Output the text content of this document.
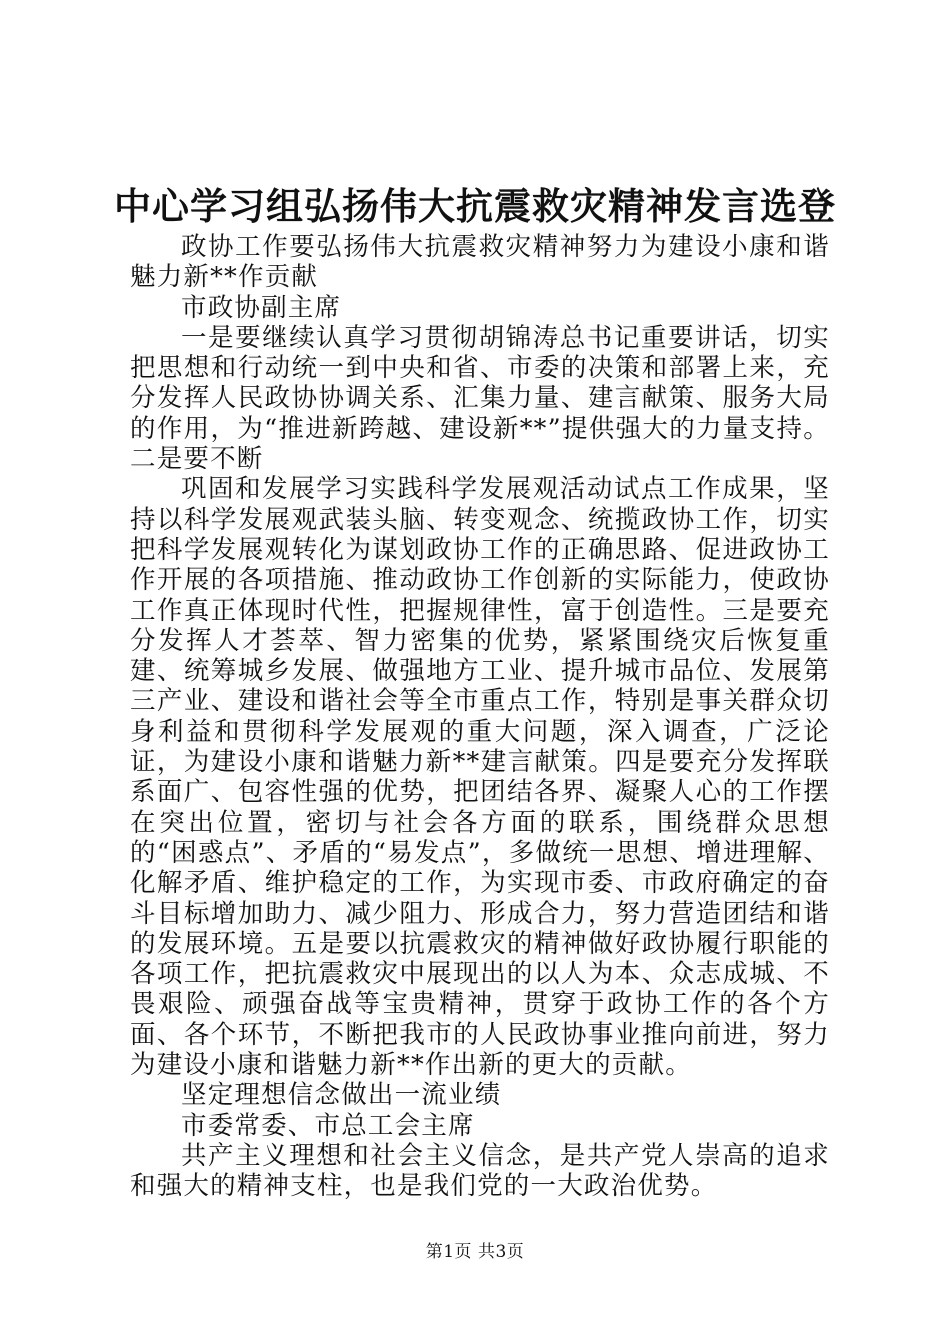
中心学习组弘扬伟大抗震救灾精神发言选登

政协工作要弘扬伟大抗震救灾精神努力为建设小康和谐魅力新**作贡献

市政协副主席

一是要继续认真学习贯彻胡锦涛总书记重要讲话，切实把思想和行动统一到中央和省、市委的决策和部署上来，充分发挥人民政协协调关系、汇集力量、建言献策、服务大局的作用，为“推进新跨越、建设新**”提供强大的力量支持。二是要不断

巩固和发展学习实践科学发展观活动试点工作成果，坚持以科学发展观武装头脑、转变观念、统揽政协工作，切实把科学发展观转化为谋划政协工作的正确思路、促进政协工作开展的各项措施、推动政协工作创新的实际能力，使政协工作真正体现时代性，把握规律性，富于创造性。三是要充分发挥人才荟萃、智力密集的优势，紧紧围绕灾后恢复重建、统筹城乡发展、做强地方工业、提升城市品位、发展第三产业、建设和谐社会等全市重点工作，特别是事关群众切身利益和贯彻科学发展观的重大问题，深入调查，广泛论证，为建设小康和谐魅力新**建言献策。四是要充分发挥联系面广、包容性强的优势，把团结各界、凝聚人心的工作摆在突出位置，密切与社会各方面的联系，围绕群众思想的“困惑点”、矛盾的“易发点”，多做统一思想、增进理解、化解矛盾、维护稳定的工作，为实现市委、市政府确定的奋斗目标增加助力、减少阻力、形成合力，努力营造团结和谐的发展环境。五是要以抗震救灾的精神做好政协履行职能的各项工作，把抗震救灾中展现出的以人为本、众志成城、不畏艰险、顽强奋战等宝贵精神，贯穿于政协工作的各个方面、各个环节，不断把我市的人民政协事业推向前进，努力为建设小康和谐魅力新**作出新的更大的贡献。

坚定理想信念做出一流业绩

市委常委、市总工会主席

共产主义理想和社会主义信念，是共产党人崇高的追求和强大的精神支柱，也是我们党的一大政治优势。

第1页 共3页
